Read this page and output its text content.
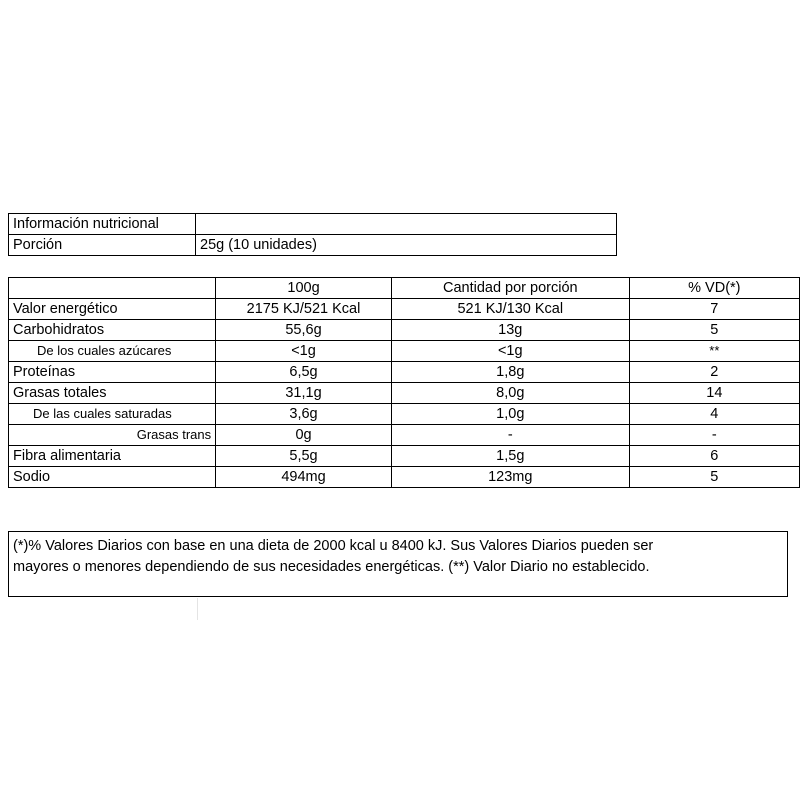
Información nutricional	
Porción	25g (10 unidades)
	100g	Cantidad por porción	% VD(*)
Valor energético	2175 KJ/521 Kcal	521 KJ/130 Kcal	7
Carbohidratos	55,6g	13g	5
De los cuales azúcares	<1g	<1g	**
Proteínas	6,5g	1,8g	2
Grasas totales	31,1g	8,0g	14
De las cuales saturadas	3,6g	1,0g	4
Grasas trans	0g	-	-
Fibra alimentaria	5,5g	1,5g	6
Sodio	494mg	123mg	5

(*)% Valores Diarios con base en una dieta de 2000 kcal u 8400 kJ. Sus Valores Diarios pueden ser

mayores o menores dependiendo de sus necesidades energéticas. (**) Valor Diario no establecido.
